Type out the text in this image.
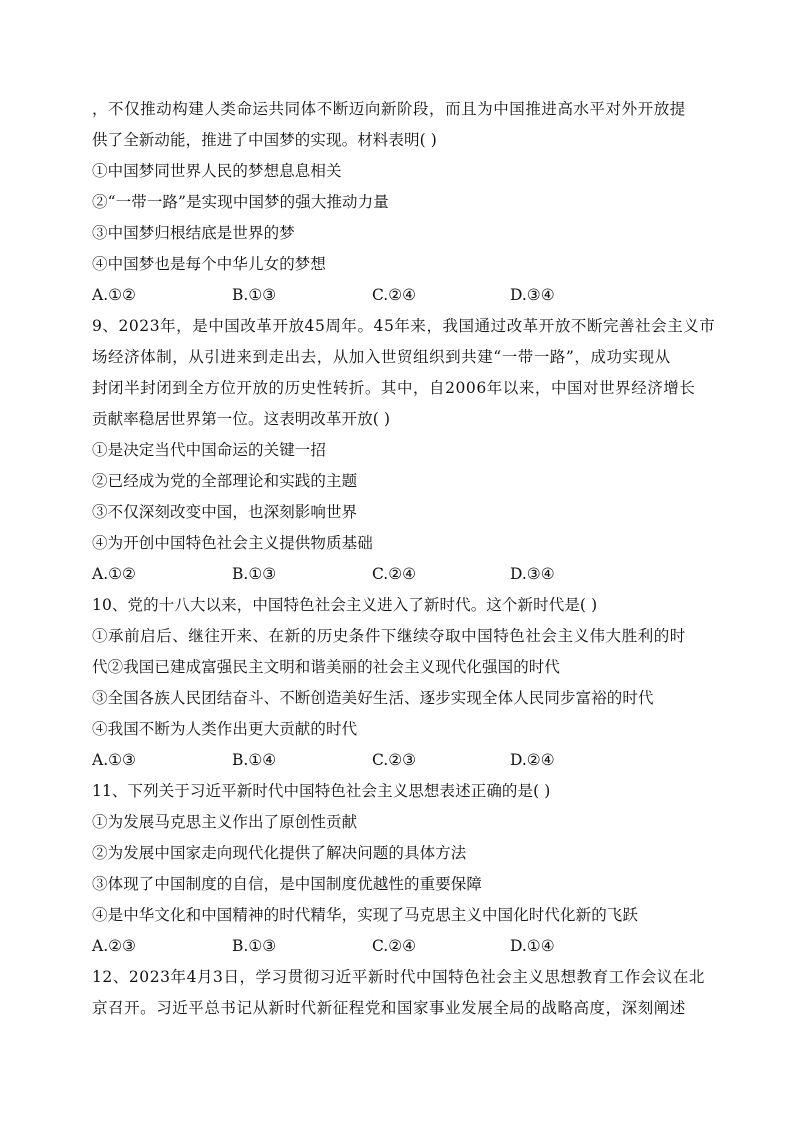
，不仅推动构建人类命运共同体不断迈向新阶段，而且为中国推进高水平对外开放提
供了全新动能，推进了中国梦的实现。材料表明( )
①中国梦同世界人民的梦想息息相关
②“一带一路”是实现中国梦的强大推动力量
③中国梦归根结底是世界的梦
④中国梦也是每个中华儿女的梦想
A.①②	B.①③	C.②④	D.③④
9、2023年，是中国改革开放45周年。45年来，我国通过改革开放不断完善社会主义市
场经济体制，从引进来到走出去，从加入世贸组织到共建“一带一路”，成功实现从
封闭半封闭到全方位开放的历史性转折。其中，自2006年以来，中国对世界经济增长
贡献率稳居世界第一位。这表明改革开放( )
①是决定当代中国命运的关键一招
②已经成为党的全部理论和实践的主题
③不仅深刻改变中国，也深刻影响世界
④为开创中国特色社会主义提供物质基础
A.①②	B.①③	C.②④	D.③④
10、党的十八大以来，中国特色社会主义进入了新时代。这个新时代是( )
①承前启后、继往开来、在新的历史条件下继续夺取中国特色社会主义伟大胜利的时
代②我国已建成富强民主文明和谐美丽的社会主义现代化强国的时代
③全国各族人民团结奋斗、不断创造美好生活、逐步实现全体人民同步富裕的时代
④我国不断为人类作出更大贡献的时代
A.①③	B.①④	C.②③	D.②④
11、下列关于习近平新时代中国特色社会主义思想表述正确的是( )
①为发展马克思主义作出了原创性贡献
②为发展中国家走向现代化提供了解决问题的具体方法
③体现了中国制度的自信，是中国制度优越性的重要保障
④是中华文化和中国精神的时代精华，实现了马克思主义中国化时代化新的飞跃
A.②③	B.①③	C.②④	D.①④
12、2023年4月3日，学习贯彻习近平新时代中国特色社会主义思想教育工作会议在北
京召开。习近平总书记从新时代新征程党和国家事业发展全局的战略高度，深刻阐述
